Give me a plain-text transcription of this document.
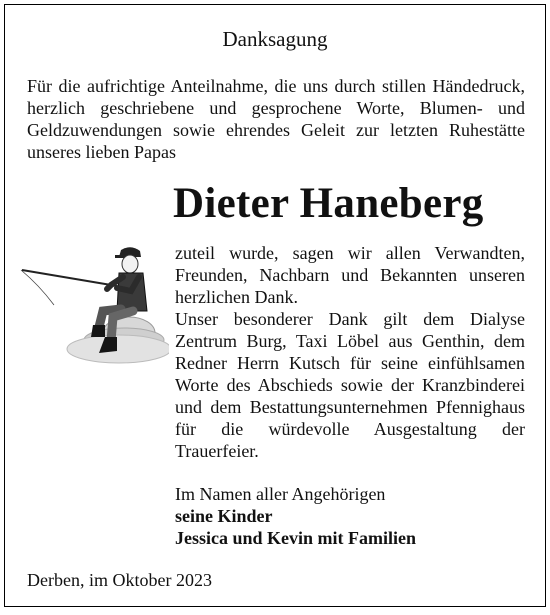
Danksagung
Für die aufrichtige Anteilnahme, die uns durch stillen Händedruck, herzlich geschriebene und gesprochene Worte, Blumen- und Geldzuwendungen sowie ehrendes Geleit zur letzten Ruhestätte unseres lieben Papas
Dieter Haneberg

zuteil wurde, sagen wir allen Verwandten, Freunden, Nachbarn und Bekannten unseren herzlichen Dank.

Unser besonderer Dank gilt dem Dialyse Zentrum Burg, Taxi Löbel aus Genthin, dem Redner Herrn Kutsch für seine einfühlsamen Worte des Abschieds sowie der Kranzbinderei und dem Bestattungsunternehmen Pfennighaus für die würdevolle Ausgestaltung der Trauerfeier.

Im Namen aller Angehörigen
seine Kinder
Jessica und Kevin mit Familien
Derben, im Oktober 2023
